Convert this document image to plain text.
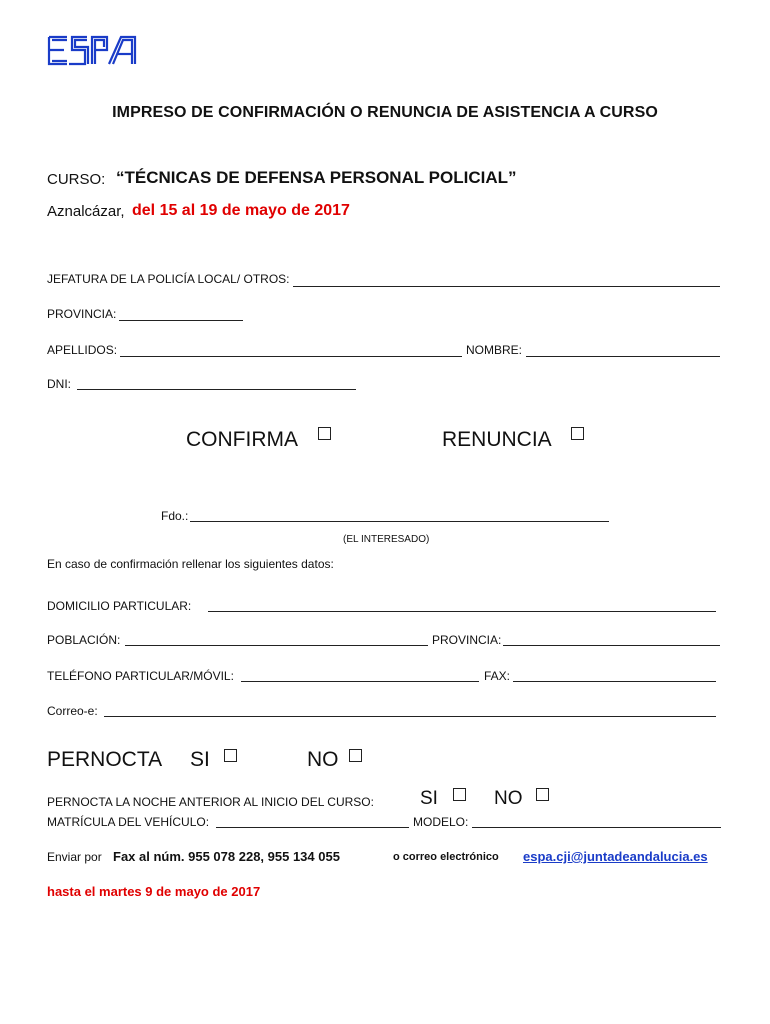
IMPRESO DE CONFIRMACIÓN O RENUNCIA DE ASISTENCIA A CURSO
CURSO: “TÉCNICAS DE DEFENSA PERSONAL POLICIAL”
Aznalcázar, del 15 al 19 de mayo de 2017
JEFATURA DE LA POLICÍA LOCAL/ OTROS:
PROVINCIA:
APELLIDOS:	NOMBRE:
DNI:
CONFIRMA	RENUNCIA
Fdo.:
(EL INTERESADO)
En caso de confirmación rellenar los siguientes datos:
DOMICILIO PARTICULAR:
POBLACIÓN:	PROVINCIA:
TELÉFONO PARTICULAR/MÓVIL:	FAX:
Correo-e:
PERNOCTA SI	NO
PERNOCTA LA NOCHE ANTERIOR AL INICIO DEL CURSO: SI	NO
MATRÍCULA DEL VEHÍCULO:	MODELO:
Enviar por Fax al núm. 955 078 228, 955 134 055	o correo electrónico espa.cji@juntadeandalucia.es
hasta el martes 9 de mayo de 2017
